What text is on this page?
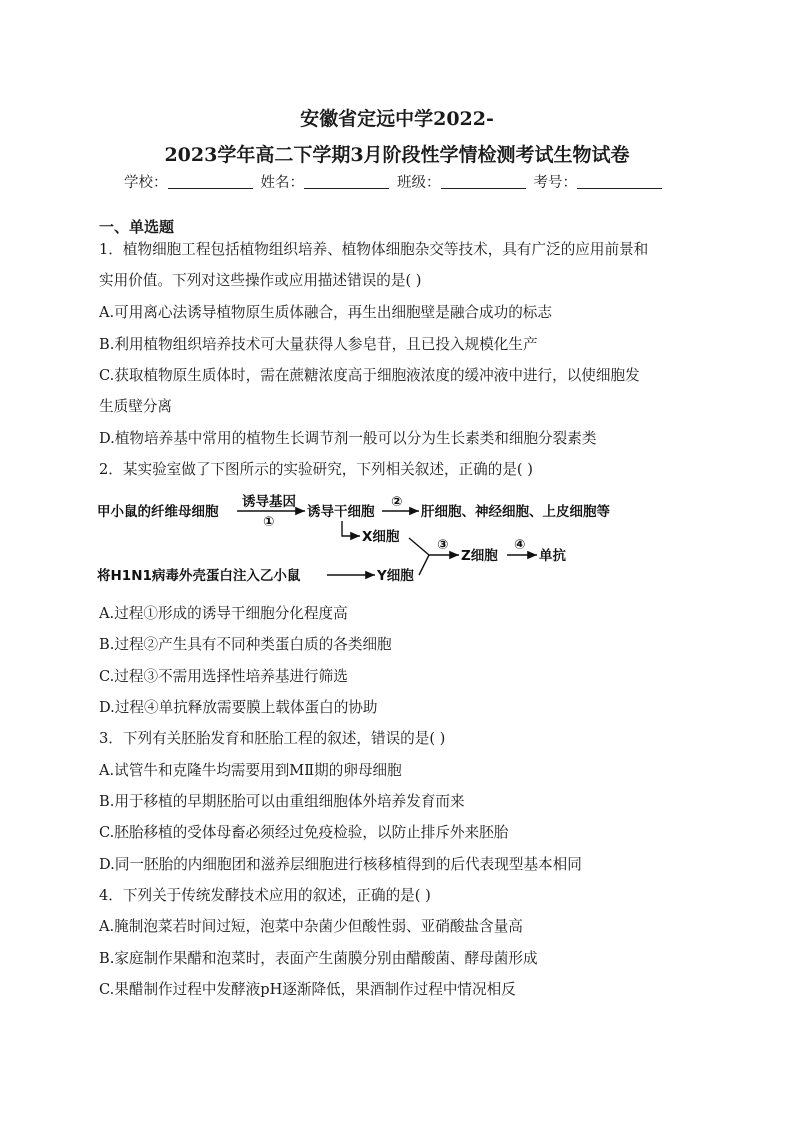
安徽省定远中学2022-
2023学年高二下学期3月阶段性学情检测考试生物试卷
学校：	姓名：	班级：	考号：
一、单选题
1．植物细胞工程包括植物组织培养、植物体细胞杂交等技术，具有广泛的应用前景和
实用价值。下列对这些操作或应用描述错误的是( )
A.可用离心法诱导植物原生质体融合，再生出细胞壁是融合成功的标志
B.利用植物组织培养技术可大量获得人参皂苷，且已投入规模化生产
C.获取植物原生质体时，需在蔗糖浓度高于细胞液浓度的缓冲液中进行，以使细胞发
生质壁分离
D.植物培养基中常用的植物生长调节剂一般可以分为生长素类和细胞分裂素类
2．某实验室做了下图所示的实验研究，下列相关叙述，正确的是( )
甲小鼠的纤维母细胞
诱导基因
①
诱导干细胞
②
肝细胞、神经细胞、上皮细胞等
X细胞
将H1N1病毒外壳蛋白注入乙小鼠	Y细胞
③
Z细胞
④
单抗
A.过程①形成的诱导干细胞分化程度高
B.过程②产生具有不同种类蛋白质的各类细胞
C.过程③不需用选择性培养基进行筛选
D.过程④单抗释放需要膜上载体蛋白的协助
3．下列有关胚胎发育和胚胎工程的叙述，错误的是( )
A.试管牛和克隆牛均需要用到MⅡ期的卵母细胞
B.用于移植的早期胚胎可以由重组细胞体外培养发育而来
C.胚胎移植的受体母畜必须经过免疫检验，以防止排斥外来胚胎
D.同一胚胎的内细胞团和滋养层细胞进行核移植得到的后代表现型基本相同
4．下列关于传统发酵技术应用的叙述，正确的是( )
A.腌制泡菜若时间过短，泡菜中杂菌少但酸性弱、亚硝酸盐含量高
B.家庭制作果醋和泡菜时，表面产生菌膜分别由醋酸菌、酵母菌形成
C.果醋制作过程中发酵液pH逐渐降低，果酒制作过程中情况相反
